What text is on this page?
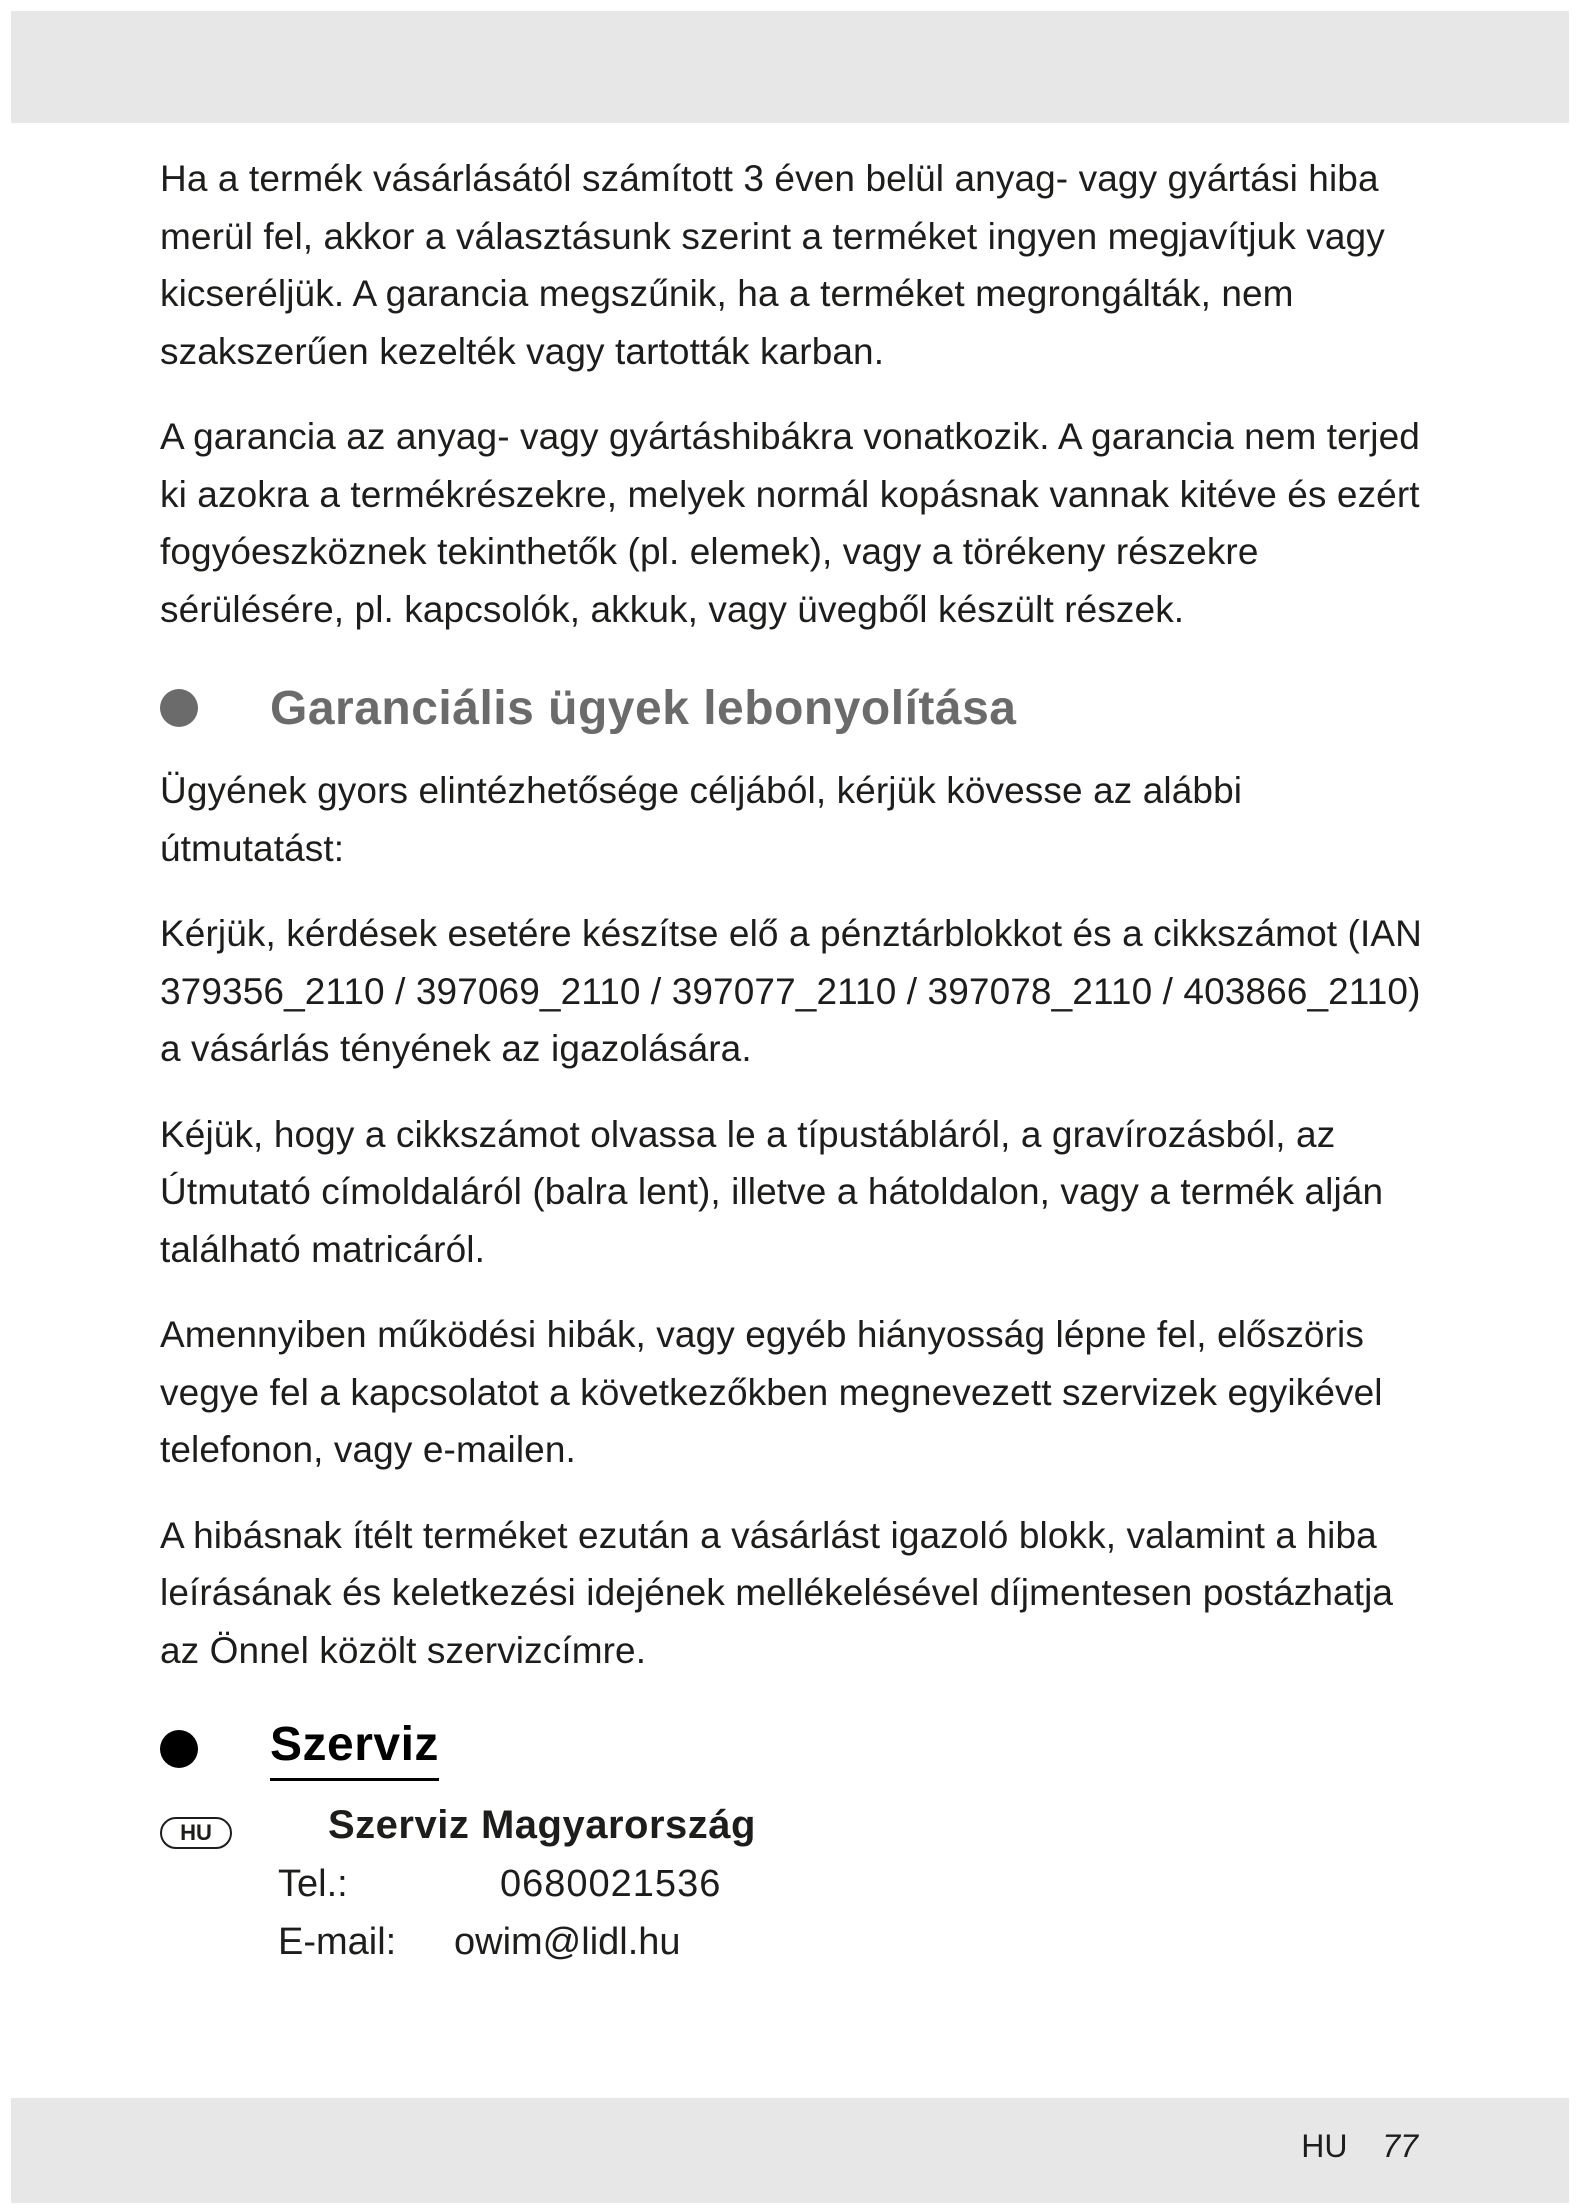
Ha a termék vásárlásától számított 3 éven belül anyag- vagy gyártási hiba merül fel, akkor a választásunk szerint a terméket ingyen megjavítjuk vagy kicseréljük. A garancia megszűnik, ha a terméket megrongálták, nem szakszerűen kezelték vagy tartották karban.

A garancia az anyag- vagy gyártáshibákra vonatkozik. A garancia nem terjed ki azokra a termékrészekre, melyek normál kopásnak vannak kitéve és ezért fogyóeszköznek tekinthetők (pl. elemek), vagy a törékeny részekre sérülésére, pl. kapcsolók, akkuk, vagy üvegből készült részek.

Garanciális ügyek lebonyolítása

Ügyének gyors elintézhetősége céljából, kérjük kövesse az alábbi útmutatást:

Kérjük, kérdések esetére készítse elő a pénztárblokkot és a cikkszámot (IAN 379356_2110 / 397069_2110 / 397077_2110 / 397078_2110 / 403866_2110) a vásárlás tényének az igazolására.

Kéjük, hogy a cikkszámot olvassa le a típustábláról, a gravírozásból, az Útmutató címoldaláról (balra lent), illetve a hátoldalon, vagy a termék alján található matricáról.

Amennyiben működési hibák, vagy egyéb hiányosság lépne fel, előszöris vegye fel a kapcsolatot a következőkben megnevezett szervizek egyikével telefonon, vagy e-mailen.

A hibásnak ítélt terméket ezután a vásárlást igazoló blokk, valamint a hiba leírásának és keletkezési idejének mellékelésével díjmentesen postázhatja az Önnel közölt szervizcímre.

Szerviz
HU	Szerviz Magyarország
Tel.:	0680021536
E-mail: owim@lidl.hu
HU 77
